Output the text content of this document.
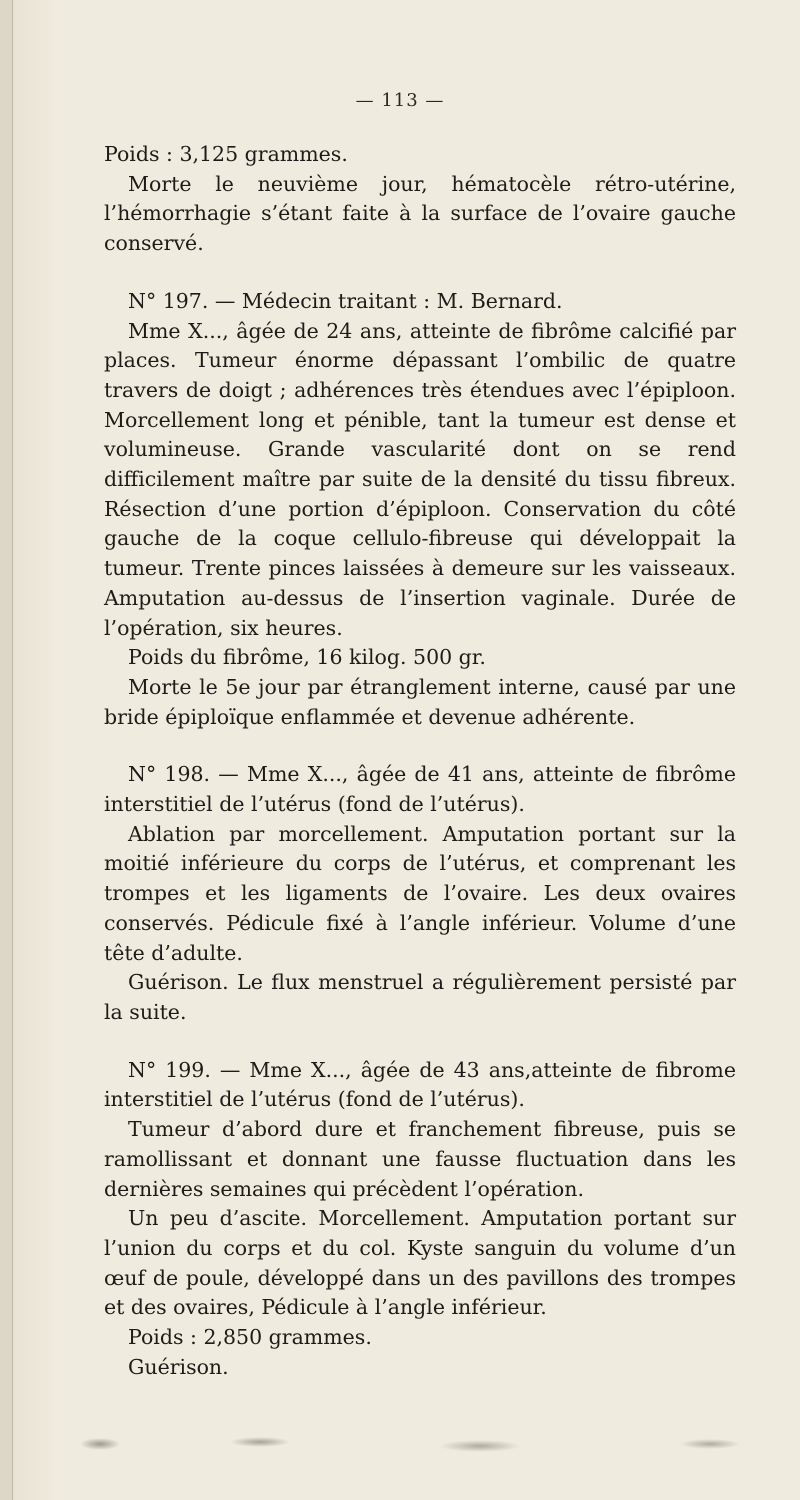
— 113 —

Poids : 3,125 grammes.

Morte le neuvième jour, hématocèle rétro-utérine, l’hémorrhagie s’étant faite à la surface de l’ovaire gauche conservé.

N° 197. — Médecin traitant : M. Bernard.

Mme X..., âgée de 24 ans, atteinte de fibrôme calcifié par places. Tumeur énorme dépassant l’ombilic de quatre travers de doigt ; adhérences très étendues avec l’épiploon. Morcellement long et pénible, tant la tumeur est dense et volumineuse. Grande vascularité dont on se rend difficilement maître par suite de la densité du tissu fibreux. Résection d’une portion d’épiploon. Conservation du côté gauche de la coque cellulo-fibreuse qui développait la tumeur. Trente pinces laissées à demeure sur les vaisseaux. Amputation au-dessus de l’insertion vaginale. Durée de l’opération, six heures.

Poids du fibrôme, 16 kilog. 500 gr.

Morte le 5e jour par étranglement interne, causé par une bride épiploïque enflammée et devenue adhérente.

N° 198. — Mme X..., âgée de 41 ans, atteinte de fibrôme interstitiel de l’utérus (fond de l’utérus).

Ablation par morcellement. Amputation portant sur la moitié inférieure du corps de l’utérus, et comprenant les trompes et les ligaments de l’ovaire. Les deux ovaires conservés. Pédicule fixé à l’angle inférieur. Volume d’une tête d’adulte.

Guérison. Le flux menstruel a régulièrement persisté par la suite.

N° 199. — Mme X..., âgée de 43 ans,atteinte de fibrome interstitiel de l’utérus (fond de l’utérus).

Tumeur d’abord dure et franchement fibreuse, puis se ramollissant et donnant une fausse fluctuation dans les dernières semaines qui précèdent l’opération.

Un peu d’ascite. Morcellement. Amputation portant sur l’union du corps et du col. Kyste sanguin du volume d’un œuf de poule, développé dans un des pavillons des trompes et des ovaires, Pédicule à l’angle inférieur.

Poids : 2,850 grammes.

Guérison.
